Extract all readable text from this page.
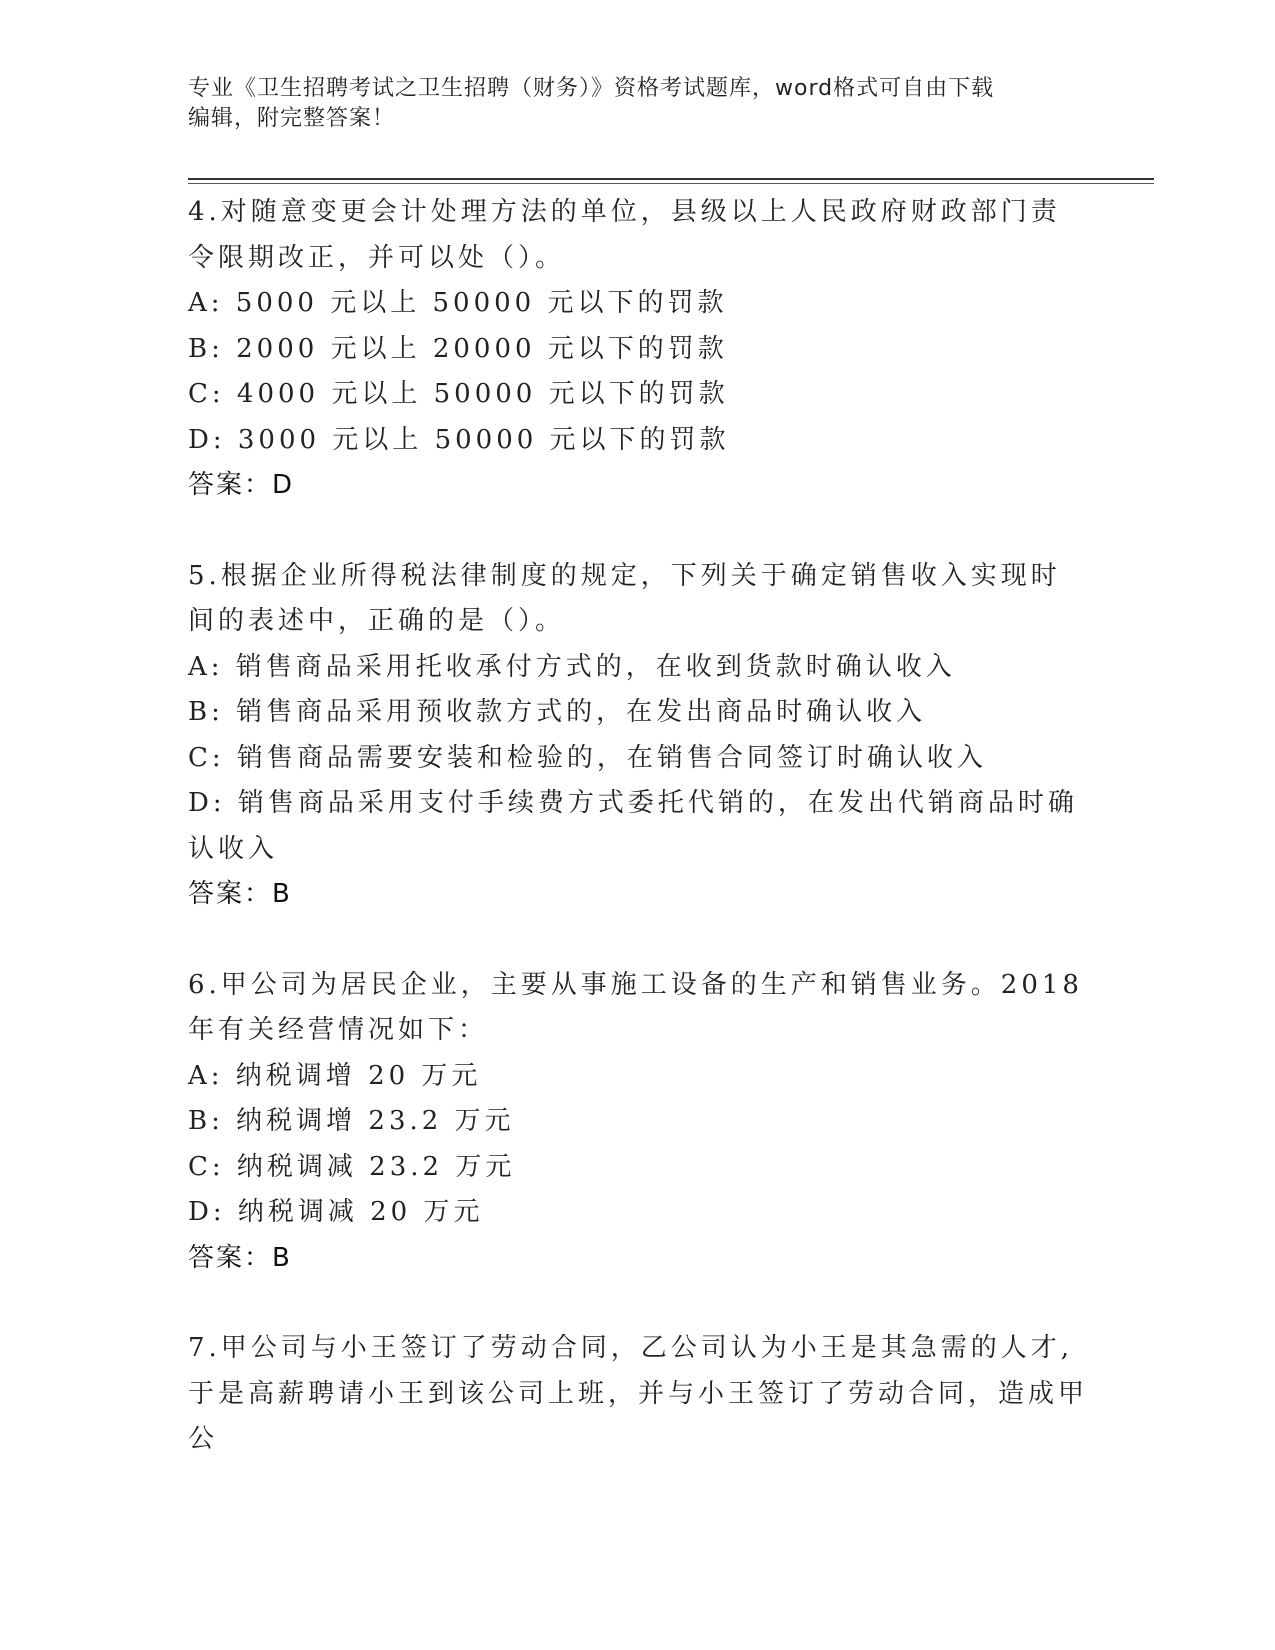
专业《卫生招聘考试之卫生招聘（财务）》资格考试题库，word格式可自由下载
编辑，附完整答案！
4.对随意变更会计处理方法的单位，县级以上人民政府财政部门责令限期改正，并可以处（）。
A: 5000 元以上 50000 元以下的罚款
B: 2000 元以上 20000 元以下的罚款
C: 4000 元以上 50000 元以下的罚款
D: 3000 元以上 50000 元以下的罚款
答案：D
5.根据企业所得税法律制度的规定，下列关于确定销售收入实现时间的表述中，正确的是（）。
A: 销售商品采用托收承付方式的，在收到货款时确认收入
B: 销售商品采用预收款方式的，在发出商品时确认收入
C: 销售商品需要安装和检验的，在销售合同签订时确认收入
D: 销售商品采用支付手续费方式委托代销的，在发出代销商品时确认收入
答案：B
6.甲公司为居民企业，主要从事施工设备的生产和销售业务。2018 年有关经营情况如下：
A: 纳税调增 20 万元
B: 纳税调增 23.2 万元
C: 纳税调减 23.2 万元
D: 纳税调减 20 万元
答案：B
7.甲公司与小王签订了劳动合同，乙公司认为小王是其急需的人才,于是高薪聘请小王到该公司上班，并与小王签订了劳动合同，造成甲公
